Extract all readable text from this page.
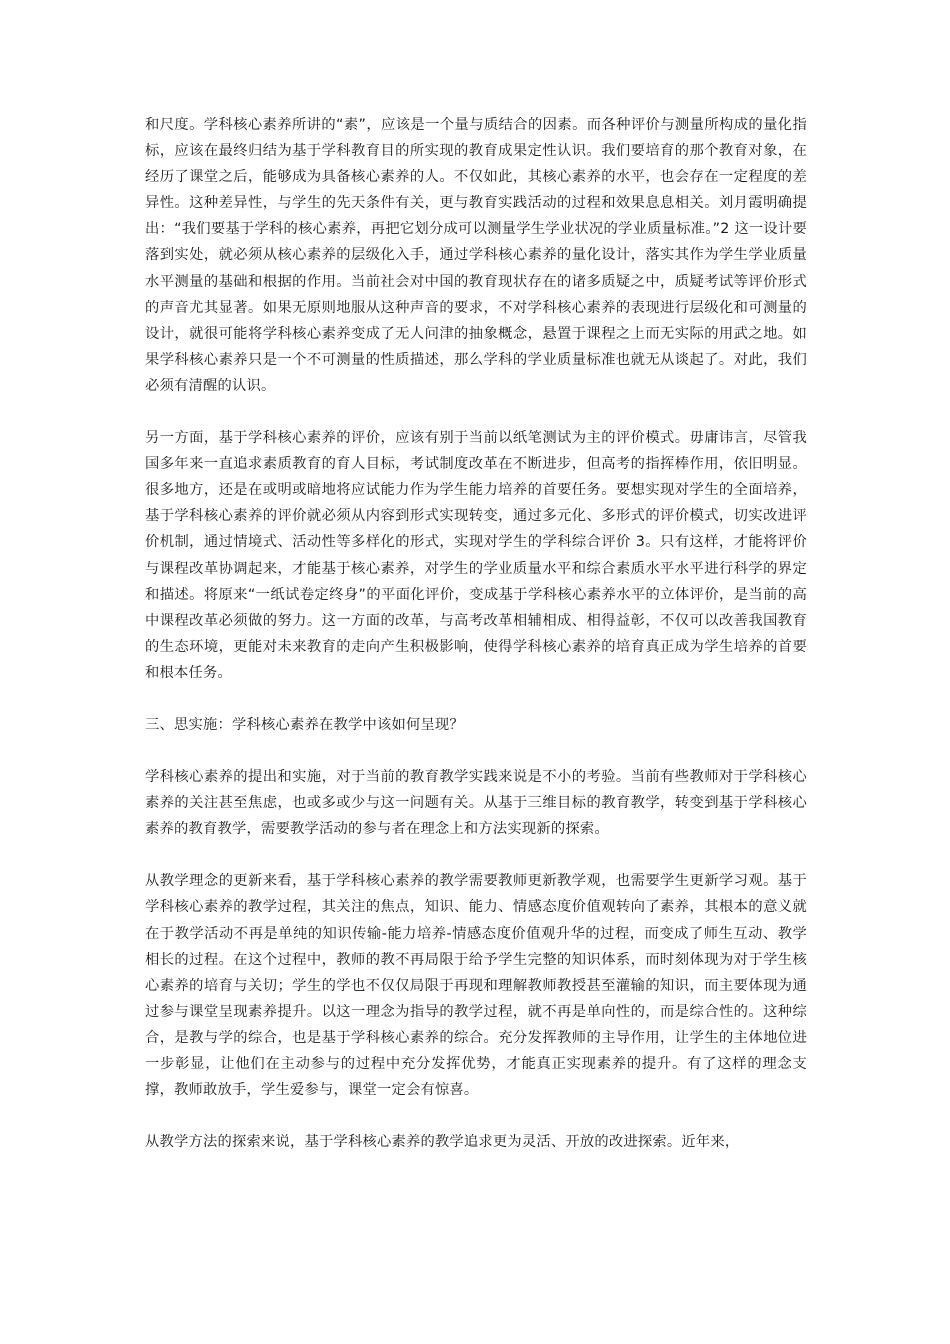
和尺度。学科核心素养所讲的“素”，应该是一个量与质结合的因素。而各种评价与测量所构成的量化指标，应该在最终归结为基于学科教育目的所实现的教育成果定性认识。我们要培育的那个教育对象，在经历了课堂之后，能够成为具备核心素养的人。不仅如此，其核心素养的水平，也会存在一定程度的差异性。这种差异性，与学生的先天条件有关，更与教育实践活动的过程和效果息息相关。刘月霞明确提出：“我们要基于学科的核心素养，再把它划分成可以测量学生学业状况的学业质量标准。”2 这一设计要落到实处，就必须从核心素养的层级化入手，通过学科核心素养的量化设计，落实其作为学生学业质量水平测量的基础和根据的作用。当前社会对中国的教育现状存在的诸多质疑之中，质疑考试等评价形式的声音尤其显著。如果无原则地服从这种声音的要求，不对学科核心素养的表现进行层级化和可测量的设计，就很可能将学科核心素养变成了无人问津的抽象概念，悬置于课程之上而无实际的用武之地。如果学科核心素养只是一个不可测量的性质描述，那么学科的学业质量标准也就无从谈起了。对此，我们必须有清醒的认识。

另一方面，基于学科核心素养的评价，应该有别于当前以纸笔测试为主的评价模式。毋庸讳言，尽管我国多年来一直追求素质教育的育人目标，考试制度改革在不断进步，但高考的指挥棒作用，依旧明显。很多地方，还是在或明或暗地将应试能力作为学生能力培养的首要任务。要想实现对学生的全面培养，基于学科核心素养的评价就必须从内容到形式实现转变，通过多元化、多形式的评价模式，切实改进评价机制，通过情境式、活动性等多样化的形式，实现对学生的学科综合评价 3。只有这样，才能将评价与课程改革协调起来，才能基于核心素养，对学生的学业质量水平和综合素质水平水平进行科学的界定和描述。将原来“一纸试卷定终身”的平面化评价，变成基于学科核心素养水平的立体评价，是当前的高中课程改革必须做的努力。这一方面的改革，与高考改革相辅相成、相得益彰，不仅可以改善我国教育的生态环境，更能对未来教育的走向产生积极影响，使得学科核心素养的培育真正成为学生培养的首要和根本任务。

三、思实施：学科核心素养在教学中该如何呈现？

学科核心素养的提出和实施，对于当前的教育教学实践来说是不小的考验。当前有些教师对于学科核心素养的关注甚至焦虑，也或多或少与这一问题有关。从基于三维目标的教育教学，转变到基于学科核心素养的教育教学，需要教学活动的参与者在理念上和方法实现新的探索。

从教学理念的更新来看，基于学科核心素养的教学需要教师更新教学观，也需要学生更新学习观。基于学科核心素养的教学过程，其关注的焦点，知识、能力、情感态度价值观转向了素养，其根本的意义就在于教学活动不再是单纯的知识传输-能力培养-情感态度价值观升华的过程，而变成了师生互动、教学相长的过程。在这个过程中，教师的教不再局限于给予学生完整的知识体系，而时刻体现为对于学生核心素养的培育与关切；学生的学也不仅仅局限于再现和理解教师教授甚至灌输的知识，而主要体现为通过参与课堂呈现素养提升。以这一理念为指导的教学过程，就不再是单向性的，而是综合性的。这种综合，是教与学的综合，也是基于学科核心素养的综合。充分发挥教师的主导作用，让学生的主体地位进一步彰显，让他们在主动参与的过程中充分发挥优势，才能真正实现素养的提升。有了这样的理念支撑，教师敢放手，学生爱参与，课堂一定会有惊喜。

从教学方法的探索来说，基于学科核心素养的教学追求更为灵活、开放的改进探索。近年来，
